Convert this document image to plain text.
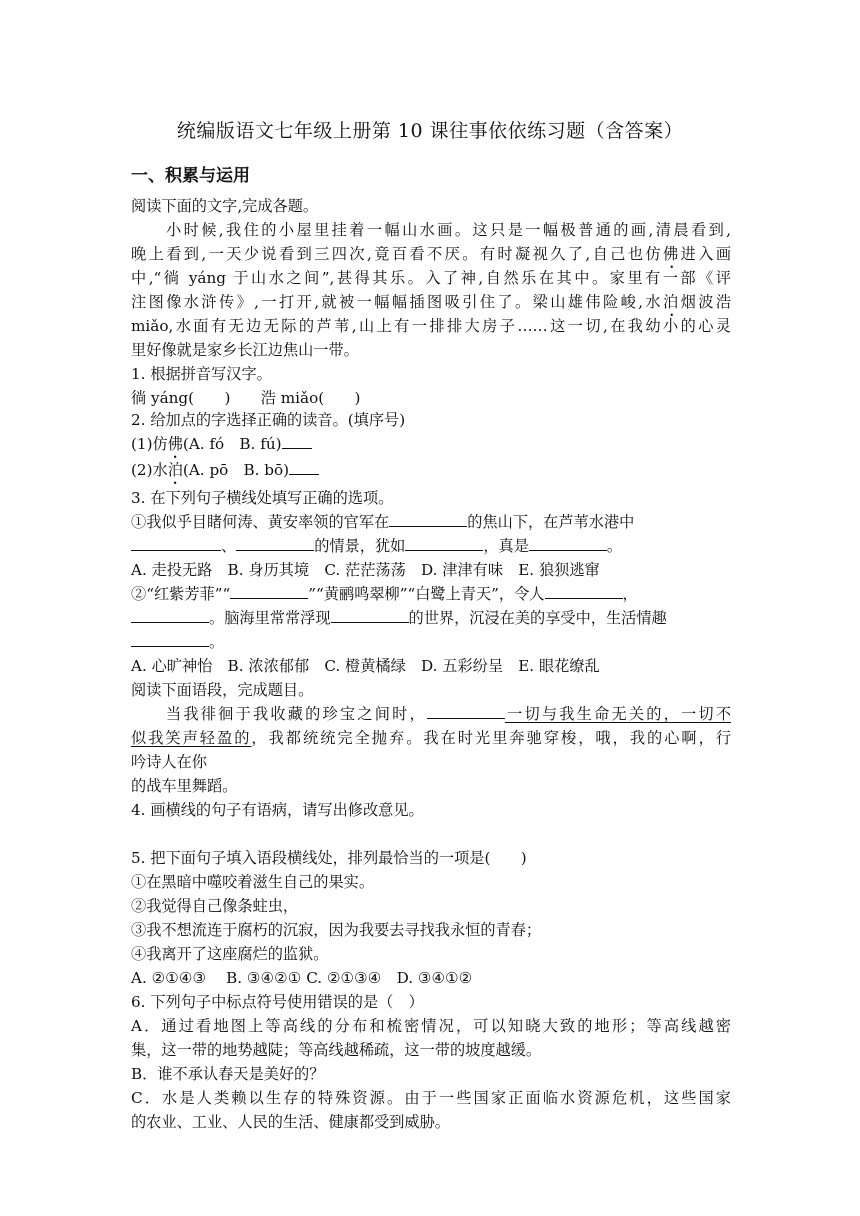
统编版语文七年级上册第 10 课往事依依练习题（含答案）
一、积累与运用
阅读下面的文字,完成各题。
小时候,我住的小屋里挂着一幅山水画。这只是一幅极普通的画,清晨看到,
晚上看到,一天少说看到三四次,竟百看不厌。有时凝视久了,自己也仿佛进入画
中,“徜 yáng 于山水之间”,甚得其乐。入了神,自然乐在其中。家里有一部《评
注图像水浒传》,一打开,就被一幅幅插图吸引住了。梁山雄伟险峻,水泊烟波浩
miǎo,水面有无边无际的芦苇,山上有一排排大房子……这一切,在我幼小的心灵
里好像就是家乡长江边焦山一带。
1. 根据拼音写汉字。
徜 yáng(　　)　　浩 miǎo(　　)
2. 给加点的字选择正确的读音。(填序号)
(1)仿佛(A. fó　B. fú)
(2)水泊(A. pō　B. bō)
3. 在下列句子横线处填写正确的选项。
①我似乎目睹何涛、黄安率领的官军在	的焦山下，在芦苇水港中
、	的情景，犹如	，真是	。
A. 走投无路　B. 身历其境　C. 茫茫荡荡　D. 津津有味　E. 狼狈逃窜
②“红紫芳菲”“	”“黄鹂鸣翠柳”“白鹭上青天”，令人	，
。脑海里常常浮现	的世界，沉浸在美的享受中，生活情趣
。
A. 心旷神怡　B. 浓浓郁郁　C. 橙黄橘绿　D. 五彩纷呈　E. 眼花缭乱
阅读下面语段，完成题目。
当我徘徊于我收藏的珍宝之间时，	一切与我生命无关的，一切不
似我笑声轻盈的，我都统统完全抛弃。我在时光里奔驰穿梭，哦，我的心啊，行
吟诗人在你
的战车里舞蹈。
4. 画横线的句子有语病，请写出修改意见。
5. 把下面句子填入语段横线处，排列最恰当的一项是(　　)
①在黑暗中噬咬着滋生自己的果实。
②我觉得自己像条蛀虫，
③我不想流连于腐朽的沉寂，因为我要去寻找我永恒的青春；
④我离开了这座腐烂的监狱。
A. ②①④③　 B. ③④②① C. ②①③④　D. ③④①②
6. 下列句子中标点符号使用错误的是（　）
A．通过看地图上等高线的分布和梳密情况，可以知晓大致的地形；等高线越密
集，这一带的地势越陡；等高线越稀疏，这一带的坡度越缓。
B．谁不承认春天是美好的？
C．水是人类赖以生存的特殊资源。由于一些国家正面临水资源危机，这些国家
的农业、工业、人民的生活、健康都受到威胁。
